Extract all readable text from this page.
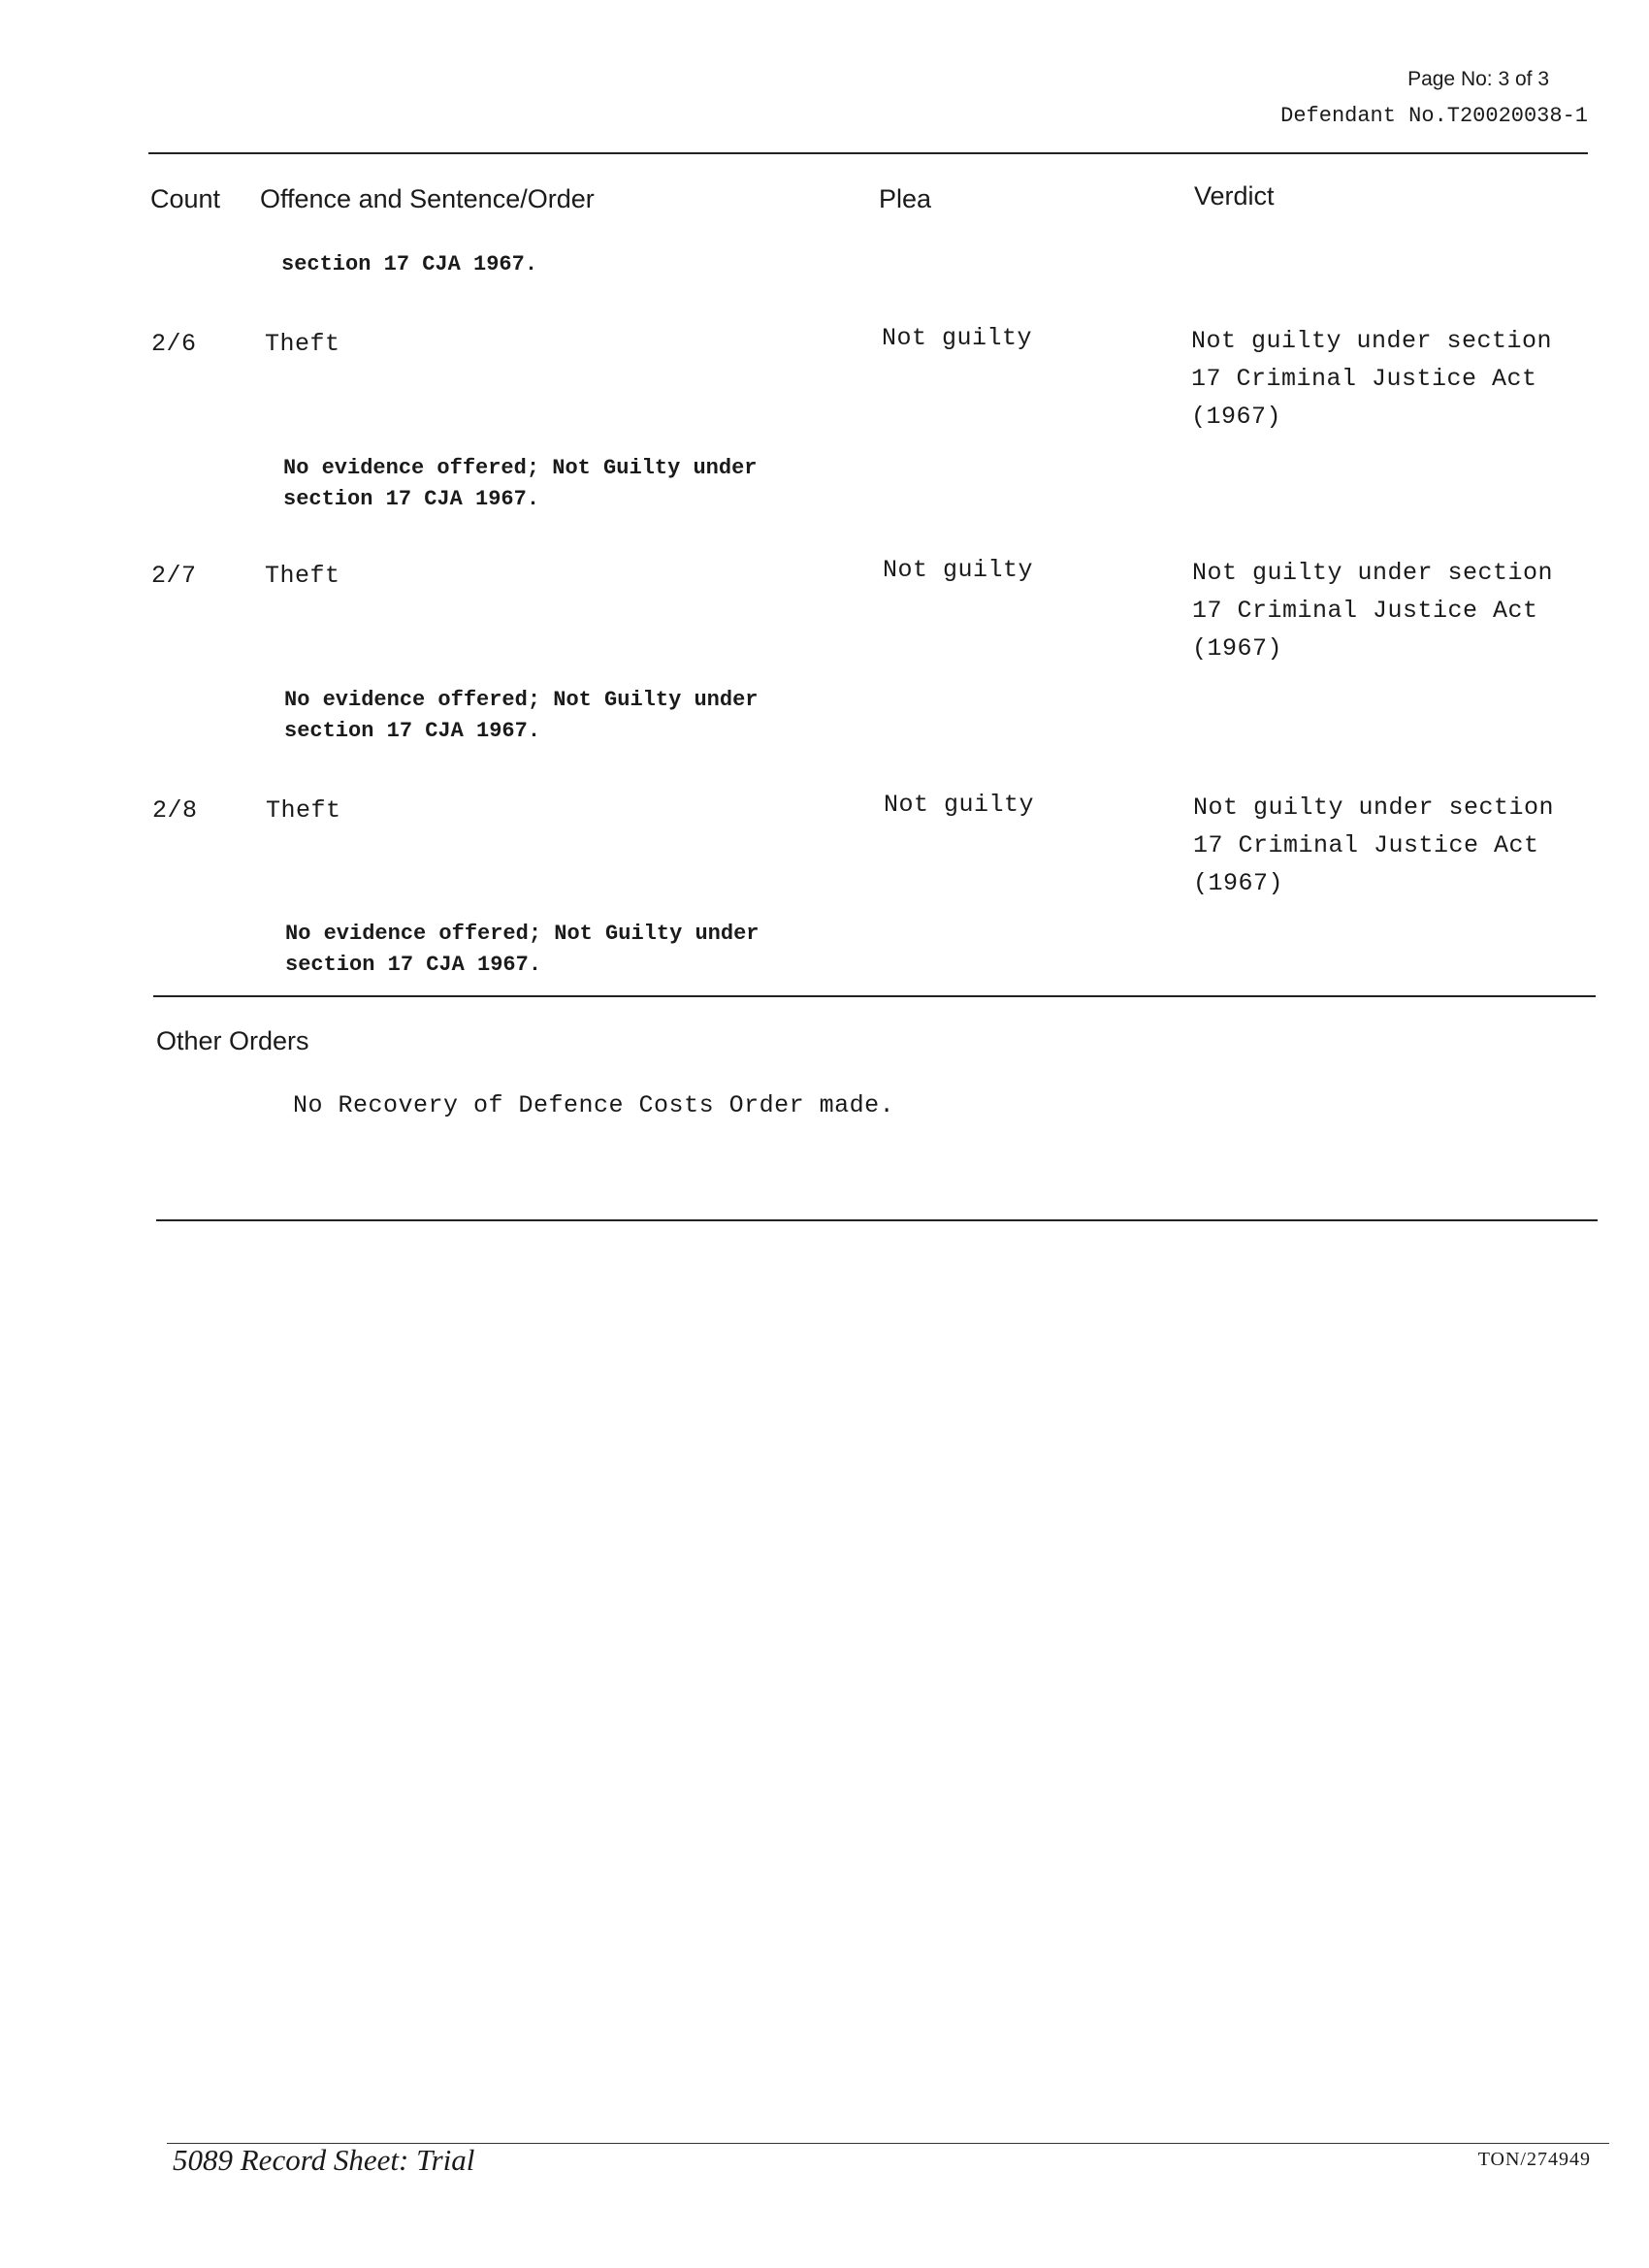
Page No: 3 of 3
Defendant No.T20020038-1
Count Offence and Sentence/Order	Plea	Verdict
section 17 CJA 1967.
2/6	Theft	Not guilty	Not guilty under section
17 Criminal Justice Act
(1967)
No evidence offered; Not Guilty under
section 17 CJA 1967.
2/7	Theft	Not guilty	Not guilty under section
17 Criminal Justice Act
(1967)
No evidence offered; Not Guilty under
section 17 CJA 1967.
2/8	Theft	Not guilty	Not guilty under section
17 Criminal Justice Act
(1967)
No evidence offered; Not Guilty under
section 17 CJA 1967.
Other Orders
No Recovery of Defence Costs Order made.
5089 Record Sheet: Trial	TON/274949
